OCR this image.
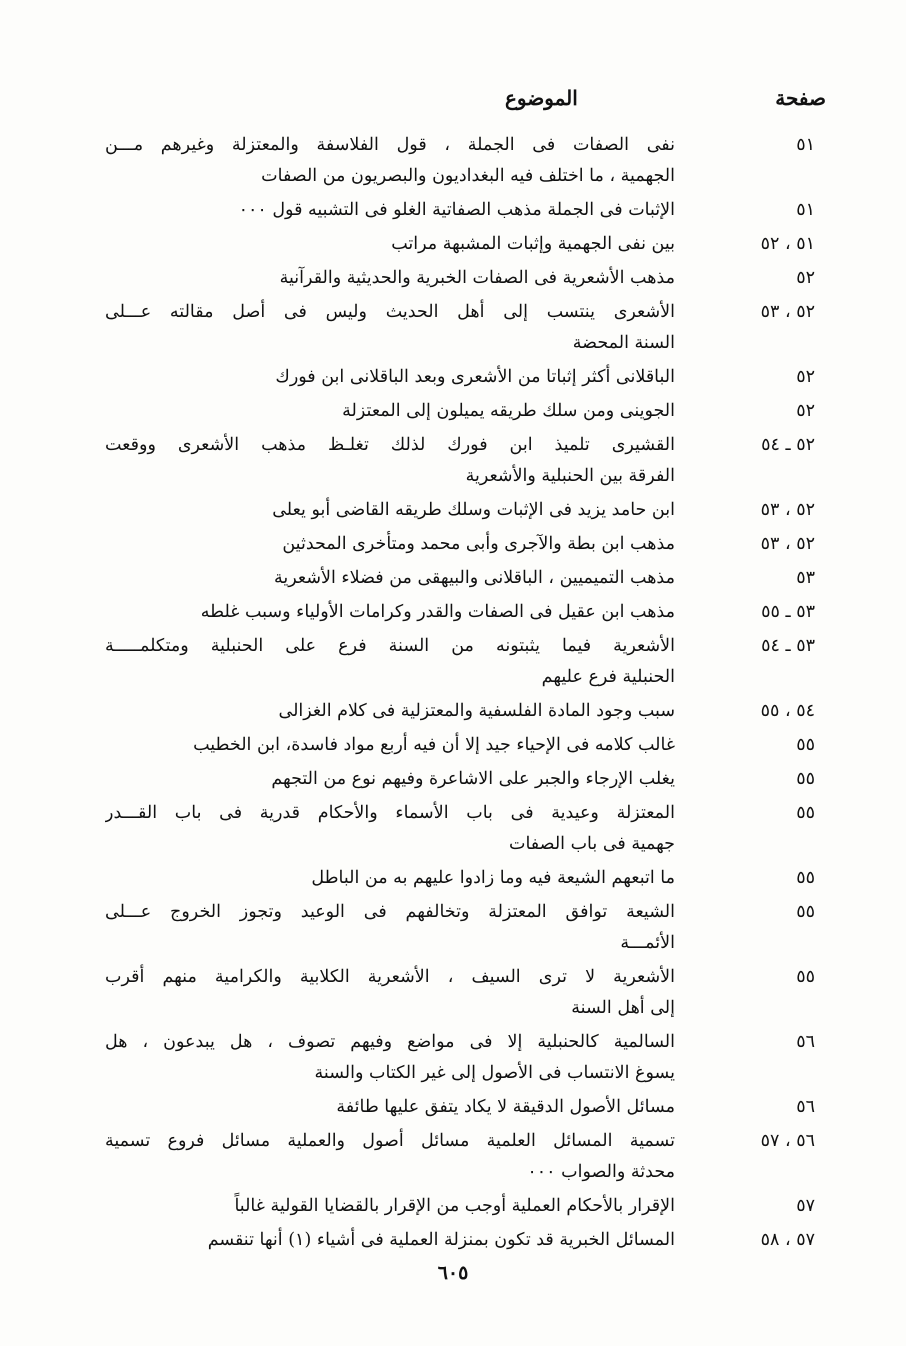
صفحة
الموضوع
٥١
نفى الصفات فى الجملة ، قول الفلاسفة والمعتزلة وغيرهم مـــن
الجهمية ، ما اختلف فيه البغداديون والبصريون من الصفات
٥١
الإثبات فى الجملة مذهب الصفاتية الغلو فى التشبيه قول ٠٠٠
٥١ ، ٥٢
بين نفى الجهمية وإثبات المشبهة مراتب
٥٢
مذهب الأشعرية فى الصفات الخبرية والحديثية والقرآنية
٥٢ ، ٥٣
الأشعرى ينتسب إلى أهل الحديث وليس فى أصل مقالته عـــلى
السنة المحضة
٥٢
الباقلانى أكثر إثباتا من الأشعرى وبعد الباقلانى ابن فورك
٥٢
الجوينى ومن سلك طريقه يميلون إلى المعتزلة
٥٢ ـ ٥٤
القشيرى تلميذ ابن فورك لذلك تغلـظ مذهب الأشعرى ووقعت
الفرقة بين الحنبلية والأشعرية
٥٢ ، ٥٣
ابن حامد يزيد فى الإثبات وسلك طريقه القاضى أبو يعلى
٥٢ ، ٥٣
مذهب ابن بطة والآجرى وأبى محمد ومتأخرى المحدثين
٥٣
مذهب التميميين ، الباقلانى والبيهقى من فضلاء الأشعرية
٥٣ ـ ٥٥
مذهب ابن عقيل فى الصفات والقدر وكرامات الأولياء وسبب غلطه
٥٣ ـ ٥٤
الأشعرية فيما يثبتونه من السنة فرع على الحنبلية ومتكلمـــــة
الحنبلية فرع عليهم
٥٤ ، ٥٥
سبب وجود المادة الفلسفية والمعتزلية فى كلام الغزالى
٥٥
غالب كلامه فى الإحياء جيد إلا أن فيه أربع مواد فاسدة، ابن الخطيب
٥٥
يغلب الإرجاء والجبر على الاشاعرة وفيهم نوع من التجهم
٥٥
المعتزلة وعيدية فى باب الأسماء والأحكام قدرية فى باب القـــدر
جهمية فى باب الصفات
٥٥
ما اتبعهم الشيعة فيه وما زادوا عليهم به من الباطل
٥٥
الشيعة توافق المعتزلة وتخالفهم فى الوعيد وتجوز الخروج عـــلى
الأئمـــة
٥٥
الأشعرية لا ترى السيف ، الأشعرية الكلابية والكرامية منهم أقرب
إلى أهل السنة
٥٦
السالمية كالحنبلية إلا فى مواضع وفيهم تصوف ، هل يبدعون ، هل
يسوغ الانتساب فى الأصول إلى غير الكتاب والسنة
٥٦
مسائل الأصول الدقيقة لا يكاد يتفق عليها طائفة
٥٦ ، ٥٧
تسمية المسائل العلمية مسائل أصول والعملية مسائل فروع تسمية
محدثة والصواب ٠٠٠
٥٧
الإقرار بالأحكام العملية أوجب من الإقرار بالقضايا القولية غالباً
٥٧ ، ٥٨
المسائل الخبرية قد تكون بمنزلة العملية فى أشياء (١) أنها تنقسم
٦٠٥
